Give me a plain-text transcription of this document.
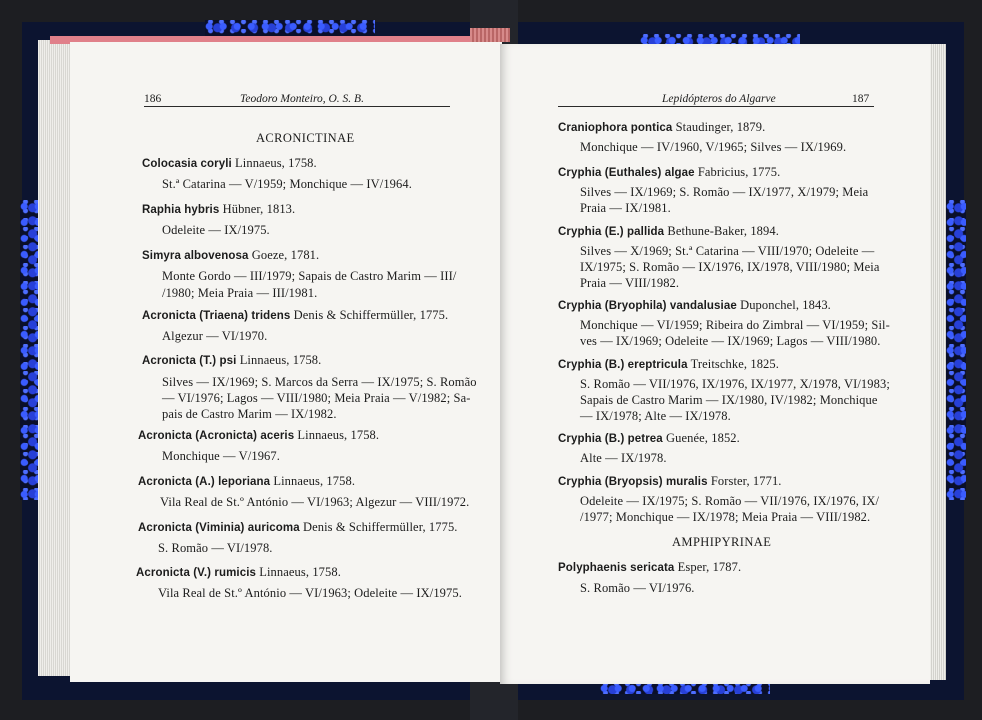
186	Teodoro Monteiro, O. S. B.
ACRONICTINAE
Colocasia coryli Linnaeus, 1758.
St.ª Catarina — V/1959; Monchique — IV/1964.
Raphia hybris Hübner, 1813.
Odeleite — IX/1975.
Simyra albovenosa Goeze, 1781.
Monte Gordo — III/1979; Sapais de Castro Marim — III/
/1980; Meia Praia — III/1981.
Acronicta (Triaena) tridens Denis & Schiffermüller, 1775.
Algezur — VI/1970.
Acronicta (T.) psi Linnaeus, 1758.
Silves — IX/1969; S. Marcos da Serra — IX/1975; S. Romão
— VI/1976; Lagos — VIII/1980; Meia Praia — V/1982; Sa-
pais de Castro Marim — IX/1982.
Acronicta (Acronicta) aceris Linnaeus, 1758.
Monchique — V/1967.
Acronicta (A.) leporiana Linnaeus, 1758.
Vila Real de St.º António — VI/1963; Algezur — VIII/1972.
Acronicta (Viminia) auricoma Denis & Schiffermüller, 1775.
S. Romão — VI/1978.
Acronicta (V.) rumicis Linnaeus, 1758.
Vila Real de St.º António — VI/1963; Odeleite — IX/1975.
Lepidópteros do Algarve	187
Craniophora pontica Staudinger, 1879.
Monchique — IV/1960, V/1965; Silves — IX/1969.
Cryphia (Euthales) algae Fabricius, 1775.
Silves — IX/1969; S. Romão — IX/1977, X/1979; Meia
Praia — IX/1981.
Cryphia (E.) pallida Bethune-Baker, 1894.
Silves — X/1969; St.ª Catarina — VIII/1970; Odeleite —
IX/1975; S. Romão — IX/1976, IX/1978, VIII/1980; Meia
Praia — VIII/1982.
Cryphia (Bryophila) vandalusiae Duponchel, 1843.
Monchique — VI/1959; Ribeira do Zimbral — VI/1959; Sil-
ves — IX/1969; Odeleite — IX/1969; Lagos — VIII/1980.
Cryphia (B.) ereptricula Treitschke, 1825.
S. Romão — VII/1976, IX/1976, IX/1977, X/1978, VI/1983;
Sapais de Castro Marim — IX/1980, IV/1982; Monchique
— IX/1978; Alte — IX/1978.
Cryphia (B.) petrea Guenée, 1852.
Alte — IX/1978.
Cryphia (Bryopsis) muralis Forster, 1771.
Odeleite — IX/1975; S. Romão — VII/1976, IX/1976, IX/
/1977; Monchique — IX/1978; Meia Praia — VIII/1982.
AMPHIPYRINAE
Polyphaenis sericata Esper, 1787.
S. Romão — VI/1976.
